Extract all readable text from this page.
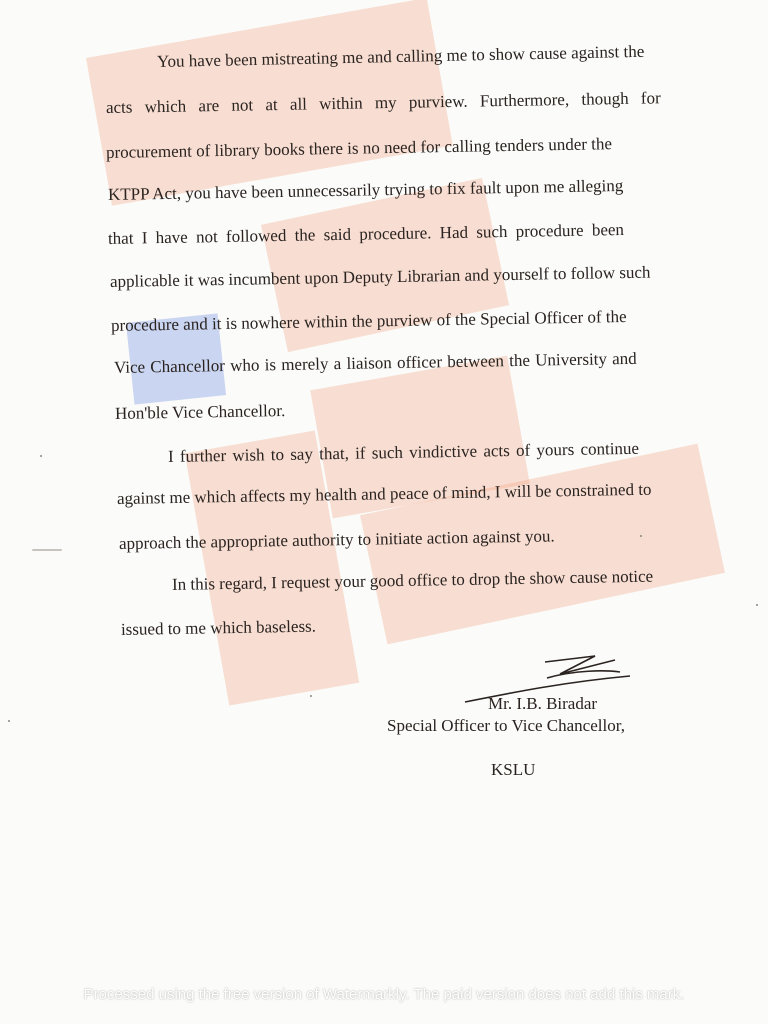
You have been mistreating me and calling me to show cause against the
acts which are not at all within my purview. Furthermore, though for
procurement of library books there is no need for calling tenders under the
KTPP Act, you have been unnecessarily trying to fix fault upon me alleging
that I have not followed the said procedure. Had such procedure been
applicable it was incumbent upon Deputy Librarian and yourself to follow such
procedure and it is nowhere within the purview of the Special Officer of the
Vice Chancellor who is merely a liaison officer between the University and
Hon'ble Vice Chancellor.
I further wish to say that, if such vindictive acts of yours continue
against me which affects my health and peace of mind, I will be constrained to
approach the appropriate authority to initiate action against you.
In this regard, I request your good office to drop the show cause notice
issued to me which baseless.
Mr. I.B. Biradar
Special Officer to Vice Chancellor,
KSLU
Processed using the free version of Watermarkly. The paid version does not add this mark.
